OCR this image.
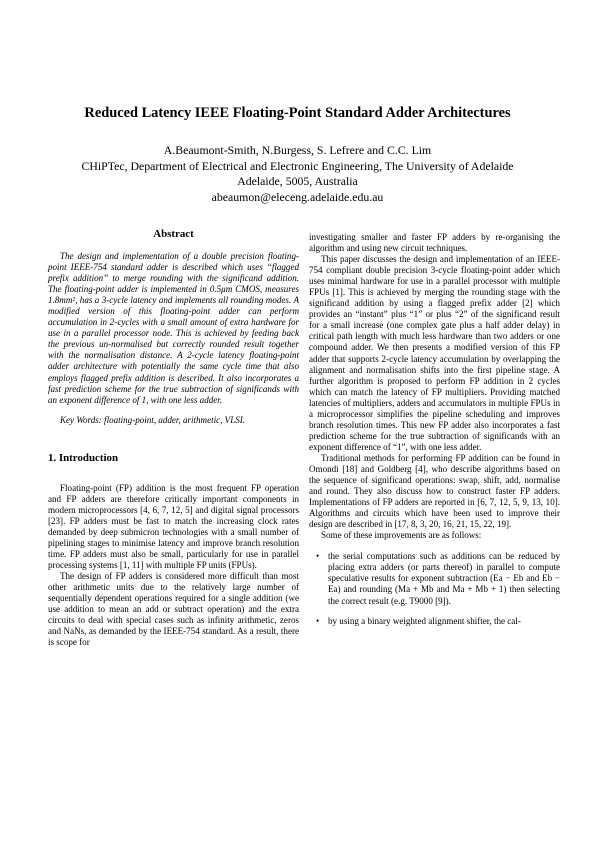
Reduced Latency IEEE Floating-Point Standard Adder Architectures
A.Beaumont-Smith, N.Burgess, S. Lefrere and C.C. Lim
CHiPTec, Department of Electrical and Electronic Engineering, The University of Adelaide
Adelaide, 5005, Australia
abeaumon@eleceng.adelaide.edu.au
Abstract

The design and implementation of a double precision floating-point IEEE-754 standard adder is described which uses “flagged prefix addition” to merge rounding with the significand addition. The floating-point adder is implemented in 0.5μm CMOS, measures 1.8mm², has a 3-cycle latency and implements all rounding modes. A modified version of this floating-point adder can perform accumulation in 2-cycles with a small amount of extra hardware for use in a parallel processor node. This is achieved by feeding back the previous un-normalised but correctly rounded result together with the normalisation distance. A 2-cycle latency floating-point adder architecture with potentially the same cycle time that also employs flagged prefix addition is described. It also incorporates a fast prediction scheme for the true subtraction of significands with an exponent difference of 1, with one less adder.

Key Words: floating-point, adder, arithmetic, VLSI.

1. Introduction

Floating-point (FP) addition is the most frequent FP operation and FP adders are therefore critically important components in modern microprocessors [4, 6, 7, 12, 5] and digital signal processors [23]. FP adders must be fast to match the increasing clock rates demanded by deep submicron technologies with a small number of pipelining stages to minimise latency and improve branch resolution time. FP adders must also be small, particularly for use in parallel processing systems [1, 11] with multiple FP units (FPUs).

The design of FP adders is considered more difficult than most other arithmetic units due to the relatively large number of sequentially dependent operations required for a single addition (we use addition to mean an add or subtract operation) and the extra circuits to deal with special cases such as infinity arithmetic, zeros and NaNs, as demanded by the IEEE-754 standard. As a result, there is scope for

investigating smaller and faster FP adders by re-organising the algorithm and using new circuit techniques.

This paper discusses the design and implementation of an IEEE-754 compliant double precision 3-cycle floating-point adder which uses minimal hardware for use in a parallel processor with multiple FPUs [1]. This is achieved by merging the rounding stage with the significand addition by using a flagged prefix adder [2] which provides an “instant” plus “1” or plus “2” of the significand result for a small increase (one complex gate plus a half adder delay) in critical path length with much less hardware than two adders or one compound adder. We then presents a modified version of this FP adder that supports 2-cycle latency accumulation by overlapping the alignment and normalisation shifts into the first pipeline stage. A further algorithm is proposed to perform FP addition in 2 cycles which can match the latency of FP multipliers. Providing matched latencies of multipliers, adders and accumulators in multiple FPUs in a microprocessor simplifies the pipeline scheduling and improves branch resolution times. This new FP adder also incorporates a fast prediction scheme for the true subtraction of significands with an exponent difference of “1”, with one less adder.

Traditional methods for performing FP addition can be found in Omondi [18] and Goldberg [4], who describe algorithms based on the sequence of significand operations: swap, shift, add, normalise and round. They also discuss how to construct faster FP adders. Implementations of FP adders are reported in [6, 7, 12, 5, 9, 13, 10]. Algorithms and circuits which have been used to improve their design are described in [17, 8, 3, 20, 16, 21, 15, 22, 19].

Some of these improvements are as follows:

• the serial computations such as additions can be reduced by placing extra adders (or parts thereof) in parallel to compute speculative results for exponent subtraction (Ea − Eb and Eb − Ea) and rounding (Ma + Mb and Ma + Mb + 1) then selecting the correct result (e.g. T9000 [9]).
• by using a binary weighted alignment shifter, the cal-
